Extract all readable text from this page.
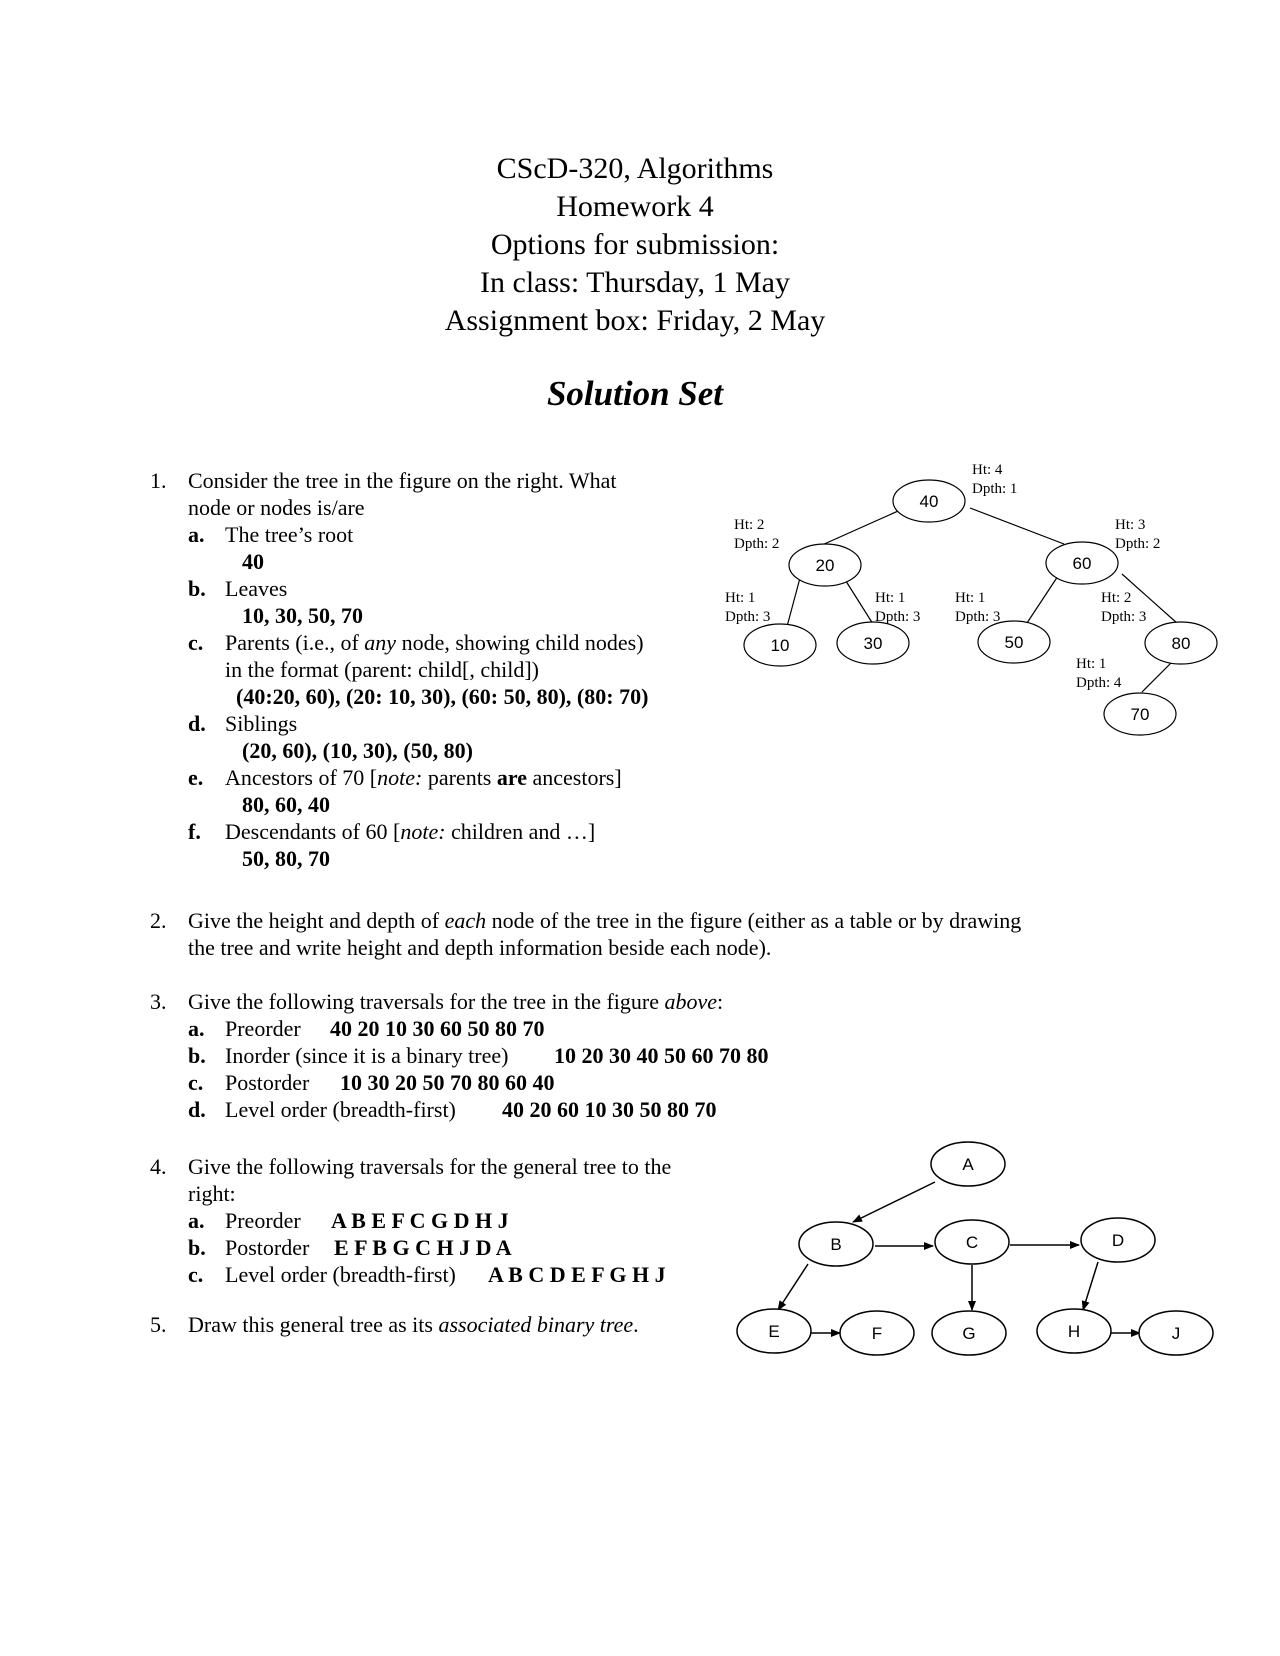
CScD-320, Algorithms
Homework 4
Options for submission:
In class: Thursday, 1 May
Assignment box: Friday, 2 May
Solution Set
1. Consider the tree in the figure on the right. What
node or nodes is/are
a. The tree’s root
40
b. Leaves
10, 30, 50, 70
c. Parents (i.e., of any node, showing child nodes)
in the format (parent: child[, child])
(40:20, 60), (20: 10, 30), (60: 50, 80), (80: 70)
d. Siblings
(20, 60), (10, 30), (50, 80)
e. Ancestors of 70 [note: parents are ancestors]
80, 60, 40
f. Descendants of 60 [note: children and …]
50, 80, 70
2. Give the height and depth of each node of the tree in the figure (either as a table or by drawing
the tree and write height and depth information beside each node).
3. Give the following traversals for the tree in the figure above:
a. Preorder 40 20 10 30 60 50 80 70
b. Inorder (since it is a binary tree) 10 20 30 40 50 60 70 80
c. Postorder 10 30 20 50 70 80 60 40
d. Level order (breadth-first) 40 20 60 10 30 50 80 70
4. Give the following traversals for the general tree to the
right:
a. Preorder A B E F C G D H J
b. Postorder E F B G C H J D A
c. Level order (breadth-first) A B C D E F G H J
5. Draw this general tree as its associated binary tree.
40
20	60
10	30	50	80
70
Ht: 4
Dpth: 1
Ht: 2
Dpth: 2
Ht: 3
Dpth: 2
Ht: 1
Dpth: 3
Ht: 1
Dpth: 3
Ht: 1
Dpth: 3
Ht: 2
Dpth: 3
Ht: 1
Dpth: 4
A
B	C	D
E	F	G	H	J
